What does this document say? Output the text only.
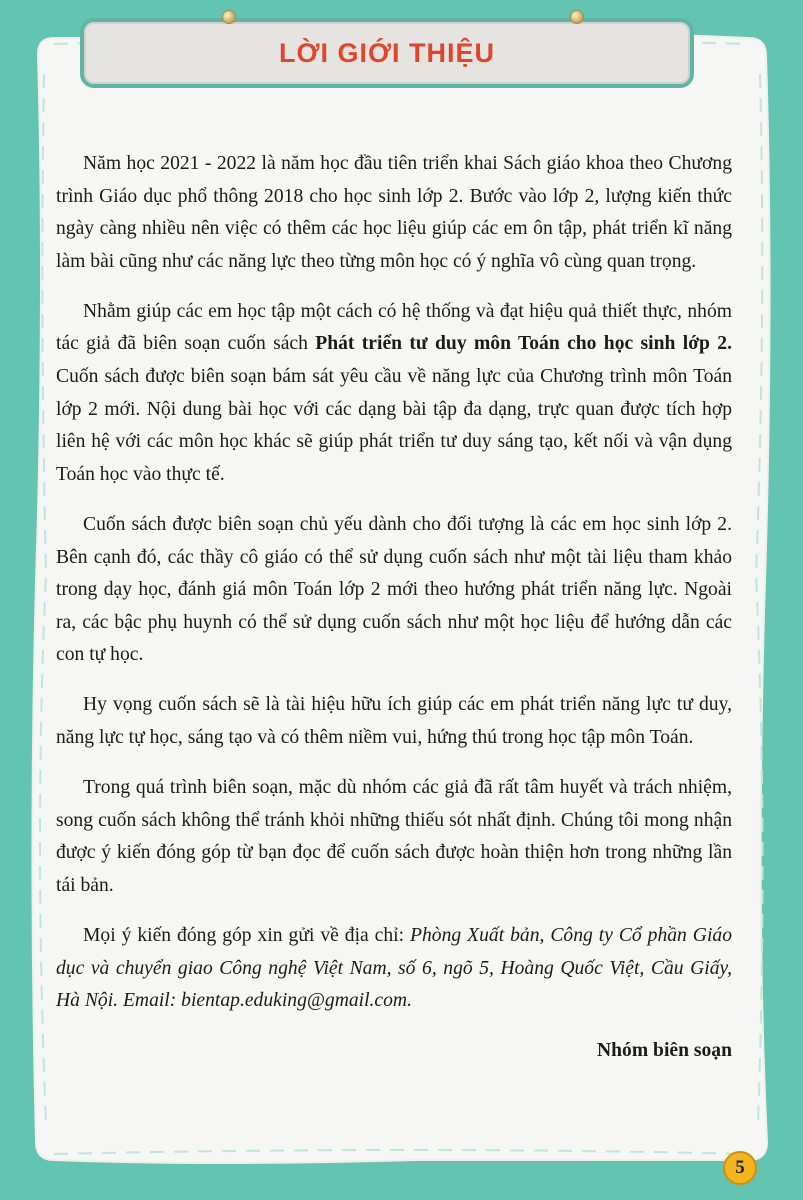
LỜI GIỚI THIỆU

Năm học 2021 - 2022 là năm học đầu tiên triển khai Sách giáo khoa theo Chương trình Giáo dục phổ thông 2018 cho học sinh lớp 2. Bước vào lớp 2, lượng kiến thức ngày càng nhiều nên việc có thêm các học liệu giúp các em ôn tập, phát triển kĩ năng làm bài cũng như các năng lực theo từng môn học có ý nghĩa vô cùng quan trọng.

Nhằm giúp các em học tập một cách có hệ thống và đạt hiệu quả thiết thực, nhóm tác giả đã biên soạn cuốn sách Phát triển tư duy môn Toán cho học sinh lớp 2. Cuốn sách được biên soạn bám sát yêu cầu về năng lực của Chương trình môn Toán lớp 2 mới. Nội dung bài học với các dạng bài tập đa dạng, trực quan được tích hợp liên hệ với các môn học khác sẽ giúp phát triển tư duy sáng tạo, kết nối và vận dụng Toán học vào thực tế.

Cuốn sách được biên soạn chủ yếu dành cho đối tượng là các em học sinh lớp 2. Bên cạnh đó, các thầy cô giáo có thể sử dụng cuốn sách như một tài liệu tham khảo trong dạy học, đánh giá môn Toán lớp 2 mới theo hướng phát triển năng lực. Ngoài ra, các bậc phụ huynh có thể sử dụng cuốn sách như một học liệu để hướng dẫn các con tự học.

Hy vọng cuốn sách sẽ là tài hiệu hữu ích giúp các em phát triển năng lực tư duy, năng lực tự học, sáng tạo và có thêm niềm vui, hứng thú trong học tập môn Toán.

Trong quá trình biên soạn, mặc dù nhóm các giả đã rất tâm huyết và trách nhiệm, song cuốn sách không thể tránh khỏi những thiếu sót nhất định. Chúng tôi mong nhận được ý kiến đóng góp từ bạn đọc để cuốn sách được hoàn thiện hơn trong những lần tái bản.

Mọi ý kiến đóng góp xin gửi về địa chỉ: Phòng Xuất bản, Công ty Cổ phần Giáo dục và chuyển giao Công nghệ Việt Nam, số 6, ngõ 5, Hoàng Quốc Việt, Cầu Giấy, Hà Nội. Email: bientap.eduking@gmail.com.

Nhóm biên soạn

5
